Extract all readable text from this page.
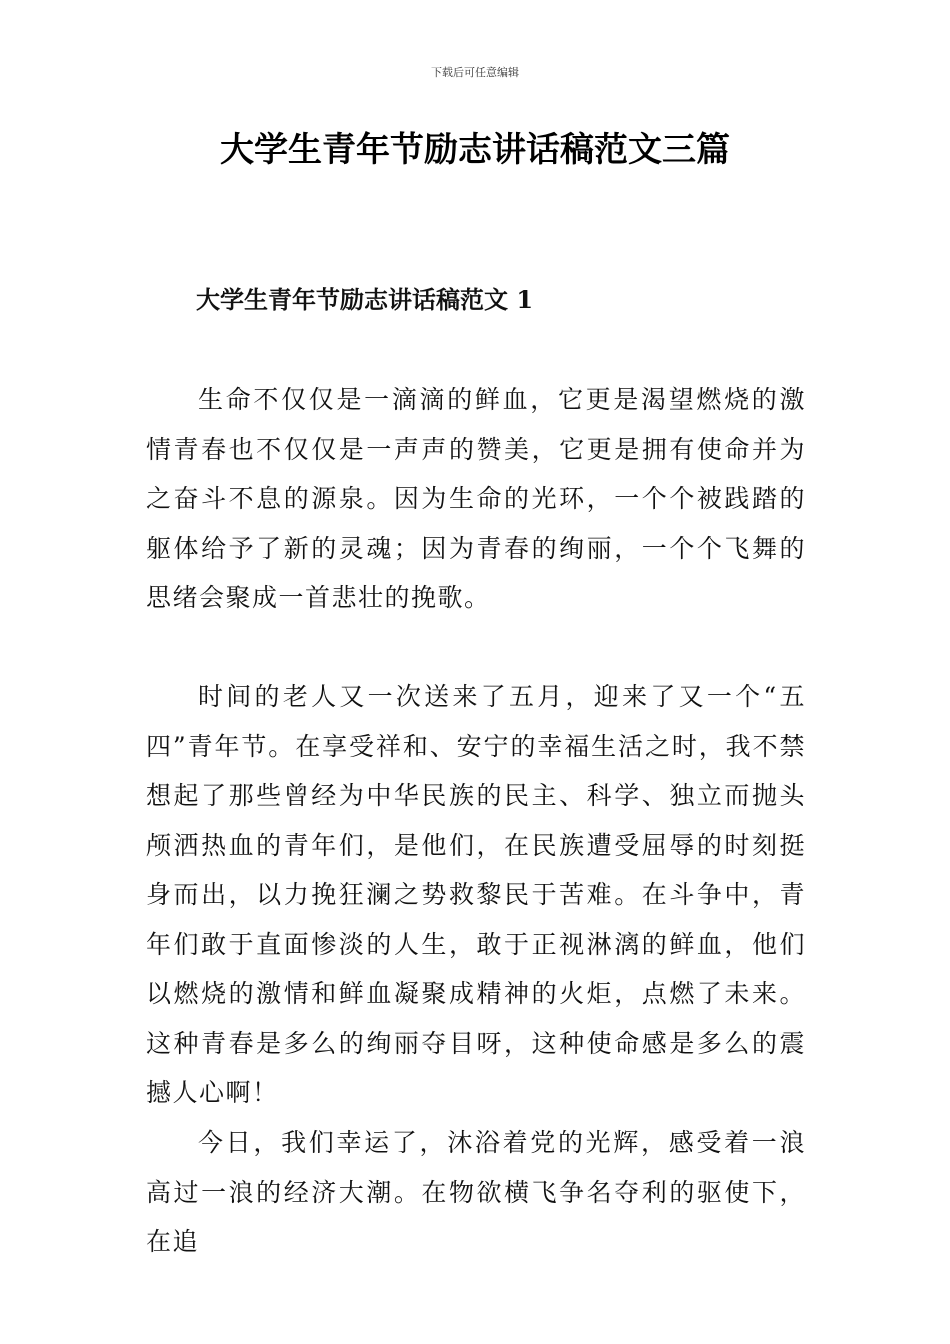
下载后可任意编辑
大学生青年节励志讲话稿范文三篇
大学生青年节励志讲话稿范文 1

生命不仅仅是一滴滴的鲜血，它更是渴望燃烧的激情青春也不仅仅是一声声的赞美，它更是拥有使命并为之奋斗不息的源泉。因为生命的光环，一个个被践踏的躯体给予了新的灵魂；因为青春的绚丽，一个个飞舞的思绪会聚成一首悲壮的挽歌。

时间的老人又一次送来了五月，迎来了又一个“五四”青年节。在享受祥和、安宁的幸福生活之时，我不禁想起了那些曾经为中华民族的民主、科学、独立而抛头颅洒热血的青年们，是他们，在民族遭受屈辱的时刻挺身而出，以力挽狂澜之势救黎民于苦难。在斗争中，青年们敢于直面惨淡的人生，敢于正视淋漓的鲜血，他们以燃烧的激情和鲜血凝聚成精神的火炬，点燃了未来。这种青春是多么的绚丽夺目呀，这种使命感是多么的震撼人心啊！

今日，我们幸运了，沐浴着党的光辉，感受着一浪高过一浪的经济大潮。在物欲横飞争名夺利的驱使下，在追
